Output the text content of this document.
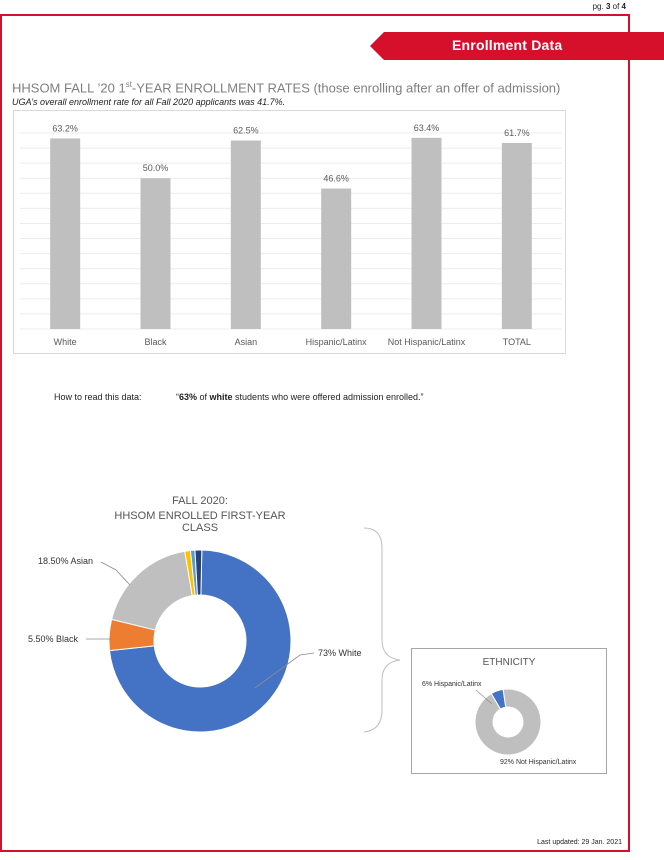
pg. 3 of 4
Enrollment Data
HHSOM FALL ’20 1st-YEAR ENROLLMENT RATES (those enrolling after an offer of admission)
UGA’s overall enrollment rate for all Fall 2020 applicants was 41.7%.
63.2%
White
50.0%
Black
62.5%
Asian
46.6%
Hispanic/Latinx
63.4%
Not Hispanic/Latinx
61.7%
TOTAL
How to read this data:	“63% of white students who were offered admission enrolled.”
FALL 2020:
HHSOM ENROLLED FIRST-YEAR CLASS
18.50% Asian
5.50% Black
73% White
ETHNICITY
6% Hispanic/Latinx
92% Not Hispanic/Latinx
Last updated: 29 Jan. 2021
